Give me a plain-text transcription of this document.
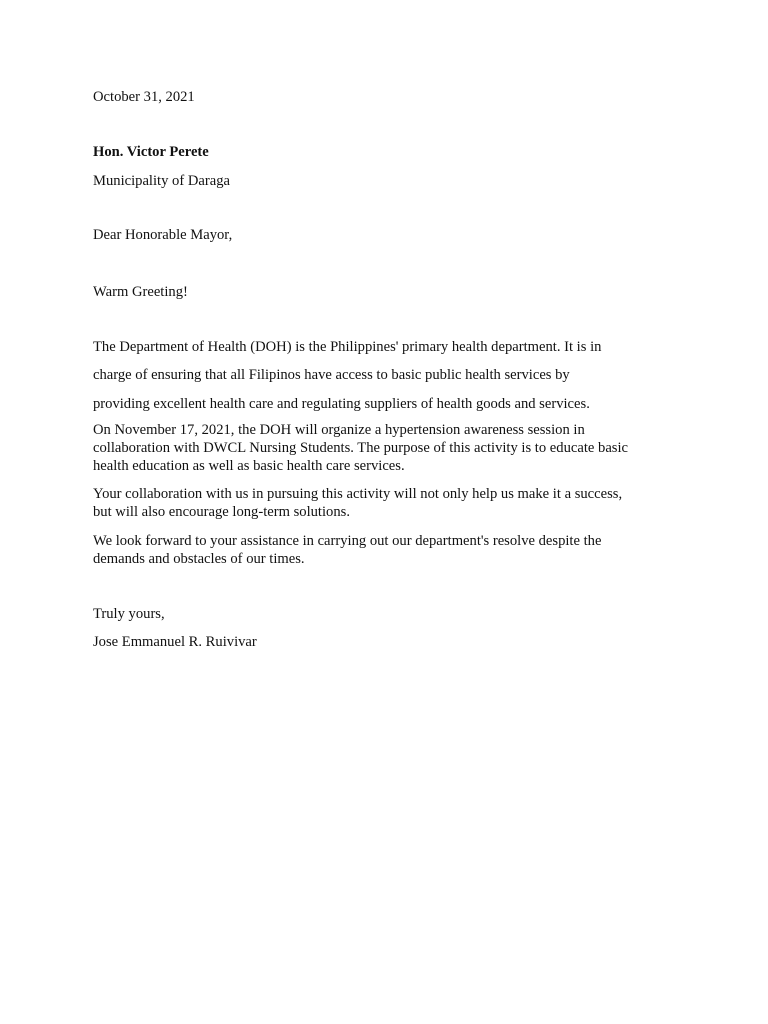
October 31, 2021
Hon. Victor Perete
Municipality of Daraga
Dear Honorable Mayor,
Warm Greeting!
The Department of Health (DOH) is the Philippines' primary health department. It is in
charge of ensuring that all Filipinos have access to basic public health services by
providing excellent health care and regulating suppliers of health goods and services.
On November 17, 2021, the DOH will organize a hypertension awareness session in
collaboration with DWCL Nursing Students. The purpose of this activity is to educate basic
health education as well as basic health care services.
Your collaboration with us in pursuing this activity will not only help us make it a success,
but will also encourage long-term solutions.
We look forward to your assistance in carrying out our department's resolve despite the
demands and obstacles of our times.
Truly yours,
Jose Emmanuel R. Ruivivar
